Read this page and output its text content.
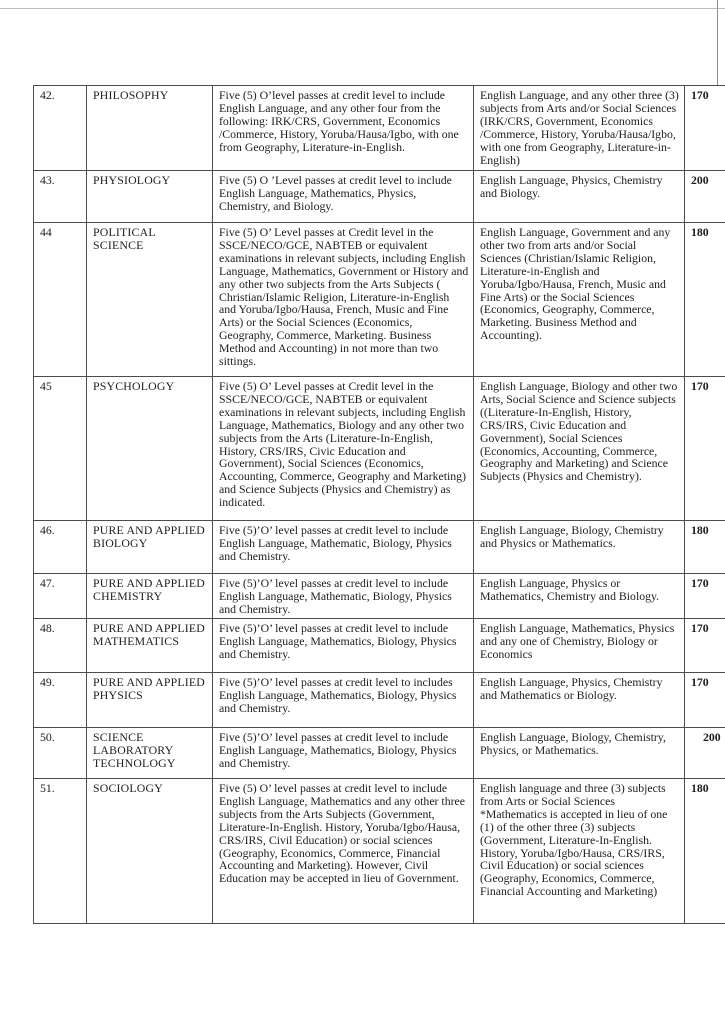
42.	PHILOSOPHY	Five (5) O’level passes at credit level to include English Language, and any other four from the following: IRK/CRS, Government, Economics /Commerce, History, Yoruba/Hausa/Igbo, with one from Geography, Literature-in-English.	English Language, and any other three (3) subjects from Arts and/or Social Sciences (IRK/CRS, Government, Economics /Commerce, History, Yoruba/Hausa/Igbo, with one from Geography, Literature-in-English)	170
43.	PHYSIOLOGY	Five (5) O ’Level passes at credit level to include English Language, Mathematics, Physics, Chemistry, and Biology.	English Language, Physics, Chemistry and Biology.	200
44	POLITICAL SCIENCE	Five (5) O’ Level passes at Credit level in the SSCE/NECO/GCE, NABTEB or equivalent examinations in relevant subjects, including English Language, Mathematics, Government or History and any other two subjects from the Arts Subjects ( Christian/Islamic Religion, Literature-in-English and Yoruba/Igbo/Hausa, French, Music and Fine Arts) or the Social Sciences (Economics, Geography, Commerce, Marketing. Business Method and Accounting) in not more than two sittings.	English Language, Government and any other two from arts and/or Social Sciences (Christian/Islamic Religion, Literature-in-English and Yoruba/Igbo/Hausa, French, Music and Fine Arts) or the Social Sciences (Economics, Geography, Commerce, Marketing. Business Method and Accounting).	180
45	PSYCHOLOGY	Five (5) O’ Level passes at Credit level in the SSCE/NECO/GCE, NABTEB or equivalent examinations in relevant subjects, including English Language, Mathematics, Biology and any other two subjects from the Arts (Literature-In-English, History, CRS/IRS, Civic Education and Government), Social Sciences (Economics, Accounting, Commerce, Geography and Marketing) and Science Subjects (Physics and Chemistry) as indicated.	English Language, Biology and other two Arts, Social Science and Science subjects ((Literature-In-English, History, CRS/IRS, Civic Education and Government), Social Sciences (Economics, Accounting, Commerce, Geography and Marketing) and Science Subjects (Physics and Chemistry).	170
46.	PURE AND APPLIED BIOLOGY	Five (5)’O’ level passes at credit level to include English Language, Mathematic, Biology, Physics and Chemistry.	English Language, Biology, Chemistry and Physics or Mathematics.	180
47.	PURE AND APPLIED CHEMISTRY	Five (5)’O’ level passes at credit level to include English Language, Mathematic, Biology, Physics and Chemistry.	English Language, Physics or Mathematics, Chemistry and Biology.	170
48.	PURE AND APPLIED MATHEMATICS	Five (5)’O’ level passes at credit level to include English Language, Mathematics, Biology, Physics and Chemistry.	English Language, Mathematics, Physics and any one of Chemistry, Biology or Economics	170
49.	PURE AND APPLIED PHYSICS	Five (5)’O’ level passes at credit level to includes English Language, Mathematics, Biology, Physics and Chemistry.	English Language, Physics, Chemistry and Mathematics or Biology.	170
50.	SCIENCE LABORATORY TECHNOLOGY	Five (5)’O’ level passes at credit level to include English Language, Mathematics, Biology, Physics and Chemistry.	English Language, Biology, Chemistry, Physics, or Mathematics.	200
51.	SOCIOLOGY	Five (5) O’ level passes at credit level to include English Language, Mathematics and any other three subjects from the Arts Subjects (Government, Literature-In-English. History, Yoruba/Igbo/Hausa, CRS/IRS, Civil Education) or social sciences (Geography, Economics, Commerce, Financial Accounting and Marketing). However, Civil Education may be accepted in lieu of Government.	English language and three (3) subjects from Arts or Social Sciences *Mathematics is accepted in lieu of one (1) of the other three (3) subjects (Government, Literature-In-English. History, Yoruba/Igbo/Hausa, CRS/IRS, Civil Education) or social sciences (Geography, Economics, Commerce, Financial Accounting and Marketing)	180
